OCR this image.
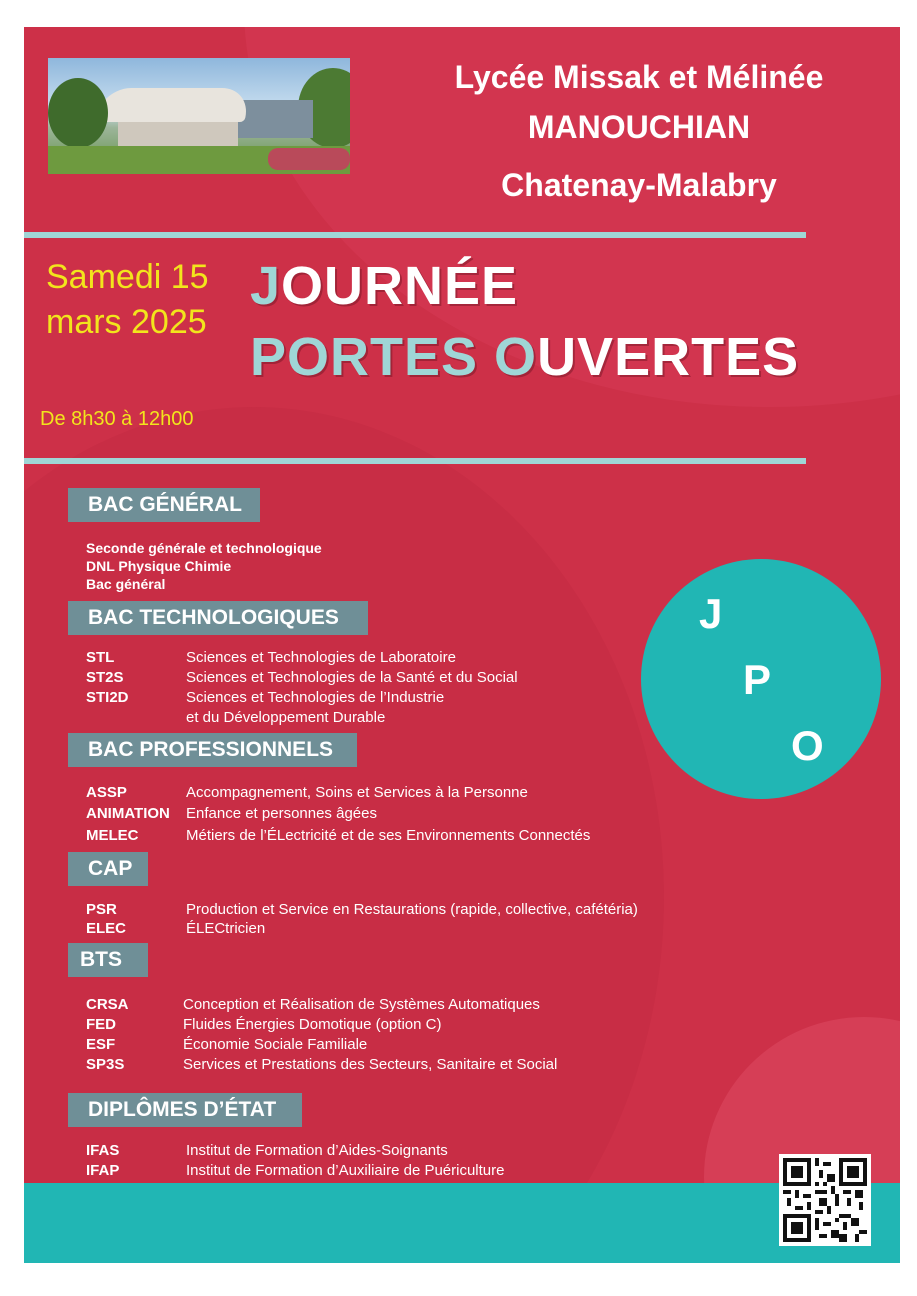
Lycée Missak et Mélinée
MANOUCHIAN
Chatenay-Malabry
Samedi 15
mars 2025
JOURNÉE
PORTES OUVERTES
De 8h30 à 12h00
BAC GÉNÉRAL
Seconde générale et technologique
DNL Physique Chimie
Bac général
BAC TECHNOLOGIQUES
STL	Sciences et Technologies de Laboratoire
ST2S	Sciences et Technologies de la Santé et du Social
STI2D	Sciences et Technologies de l’Industrie
et du Développement Durable
BAC PROFESSIONNELS
ASSP	Accompagnement, Soins et Services à la Personne
ANIMATION Enfance et personnes âgées
MELEC	Métiers de l’ÉLectricité et de ses Environnements Connectés
CAP
PSR	Production et Service en Restaurations (rapide, collective, cafétéria)
ELEC	ÉLECtricien
BTS
CRSA	Conception et Réalisation de Systèmes Automatiques
FED	Fluides Énergies Domotique (option C)
ESF	Économie Sociale Familiale
SP3S	Services et Prestations des Secteurs, Sanitaire et Social
DIPLÔMES D’ÉTAT
IFAS	Institut de Formation d’Aides-Soignants
IFAP	Institut de Formation d’Auxiliaire de Puériculture
J
P
O
